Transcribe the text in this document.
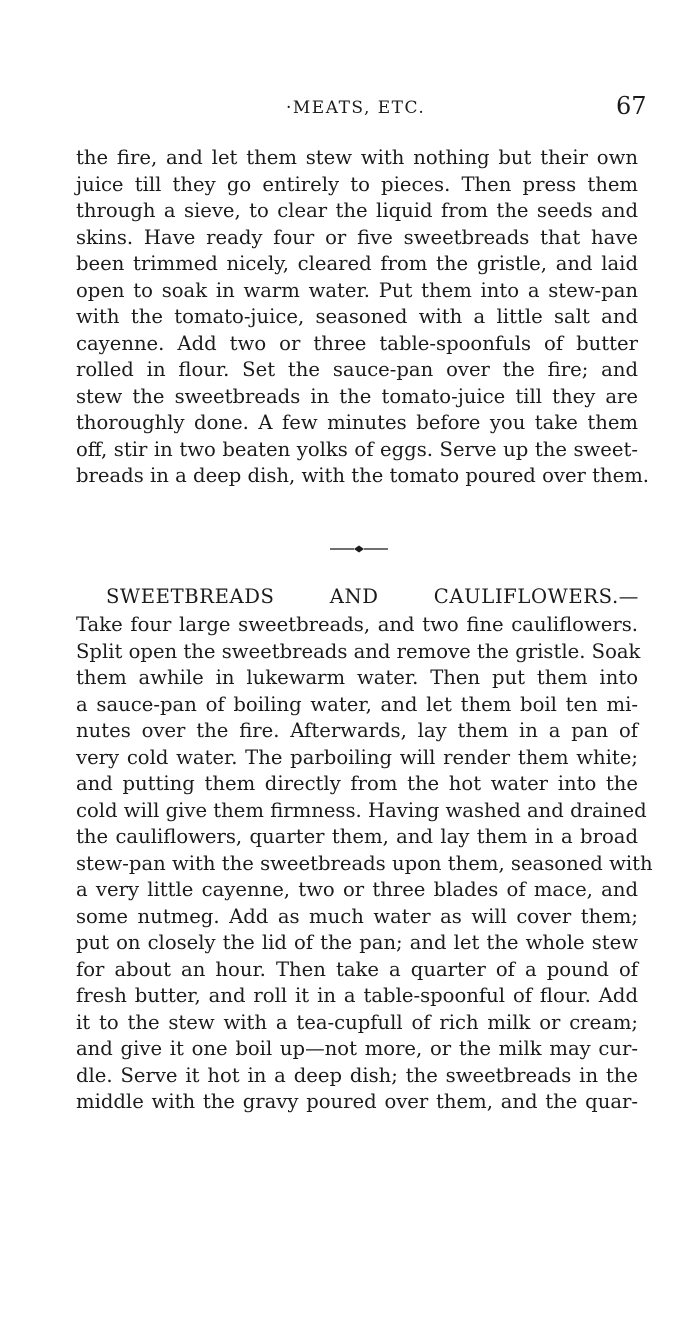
·MEATS, ETC.	67
the fire, and let them stew with nothing but their own
juice till they go entirely to pieces. Then press them
through a sieve, to clear the liquid from the seeds and
skins. Have ready four or five sweetbreads that have
been trimmed nicely, cleared from the gristle, and laid
open to soak in warm water. Put them into a stew-pan
with the tomato-juice, seasoned with a little salt and
cayenne. Add two or three table-spoonfuls of butter
rolled in flour. Set the sauce-pan over the fire; and
stew the sweetbreads in the tomato-juice till they are
thoroughly done. A few minutes before you take them
off, stir in two beaten yolks of eggs. Serve up the sweet-
breads in a deep dish, with the tomato poured over them.
SWEETBREADS AND CAULIFLOWERS.—
Take four large sweetbreads, and two fine cauliflowers.
Split open the sweetbreads and remove the gristle. Soak
them awhile in lukewarm water. Then put them into
a sauce-pan of boiling water, and let them boil ten mi-
nutes over the fire. Afterwards, lay them in a pan of
very cold water. The parboiling will render them white;
and putting them directly from the hot water into the
cold will give them firmness. Having washed and drained
the cauliflowers, quarter them, and lay them in a broad
stew-pan with the sweetbreads upon them, seasoned with
a very little cayenne, two or three blades of mace, and
some nutmeg. Add as much water as will cover them;
put on closely the lid of the pan; and let the whole stew
for about an hour. Then take a quarter of a pound of
fresh butter, and roll it in a table-spoonful of flour. Add
it to the stew with a tea-cupfull of rich milk or cream;
and give it one boil up—not more, or the milk may cur-
dle. Serve it hot in a deep dish; the sweetbreads in the
middle with the gravy poured over them, and the quar-
